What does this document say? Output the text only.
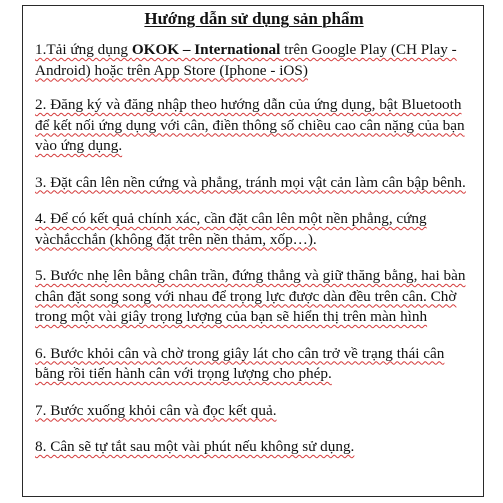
Hướng dẫn sử dụng sản phẩm
1.Tải ứng dụng OKOK – International trên Google Play (CH Play - Android) hoặc trên App Store (Iphone - iOS)
2. Đăng ký và đăng nhập theo hướng dẫn của ứng dụng, bật Bluetooth để kết nối ứng dụng với cân, điền thông số chiều cao cân nặng của bạn vào ứng dụng.
3. Đặt cân lên nền cứng và phẳng, tránh mọi vật cản làm cân bập bênh.
4. Để có kết quả chính xác, cần đặt cân lên một nền phẳng, cứng vàchắcchắn (không đặt trên nền thảm, xốp…).
5. Bước nhẹ lên bằng chân trần, đứng thẳng và giữ thăng bằng, hai bàn chân đặt song song với nhau để trọng lực được dàn đều trên cân. Chờ trong một vài giây trọng lượng của bạn sẽ hiển thị trên màn hình
6. Bước khỏi cân và chờ trong giây lát cho cân trở về trạng thái cân bằng rồi tiến hành cân với trọng lượng cho phép.
7. Bước xuống khỏi cân và đọc kết quả.
8. Cân sẽ tự tắt sau một vài phút nếu không sử dụng.
